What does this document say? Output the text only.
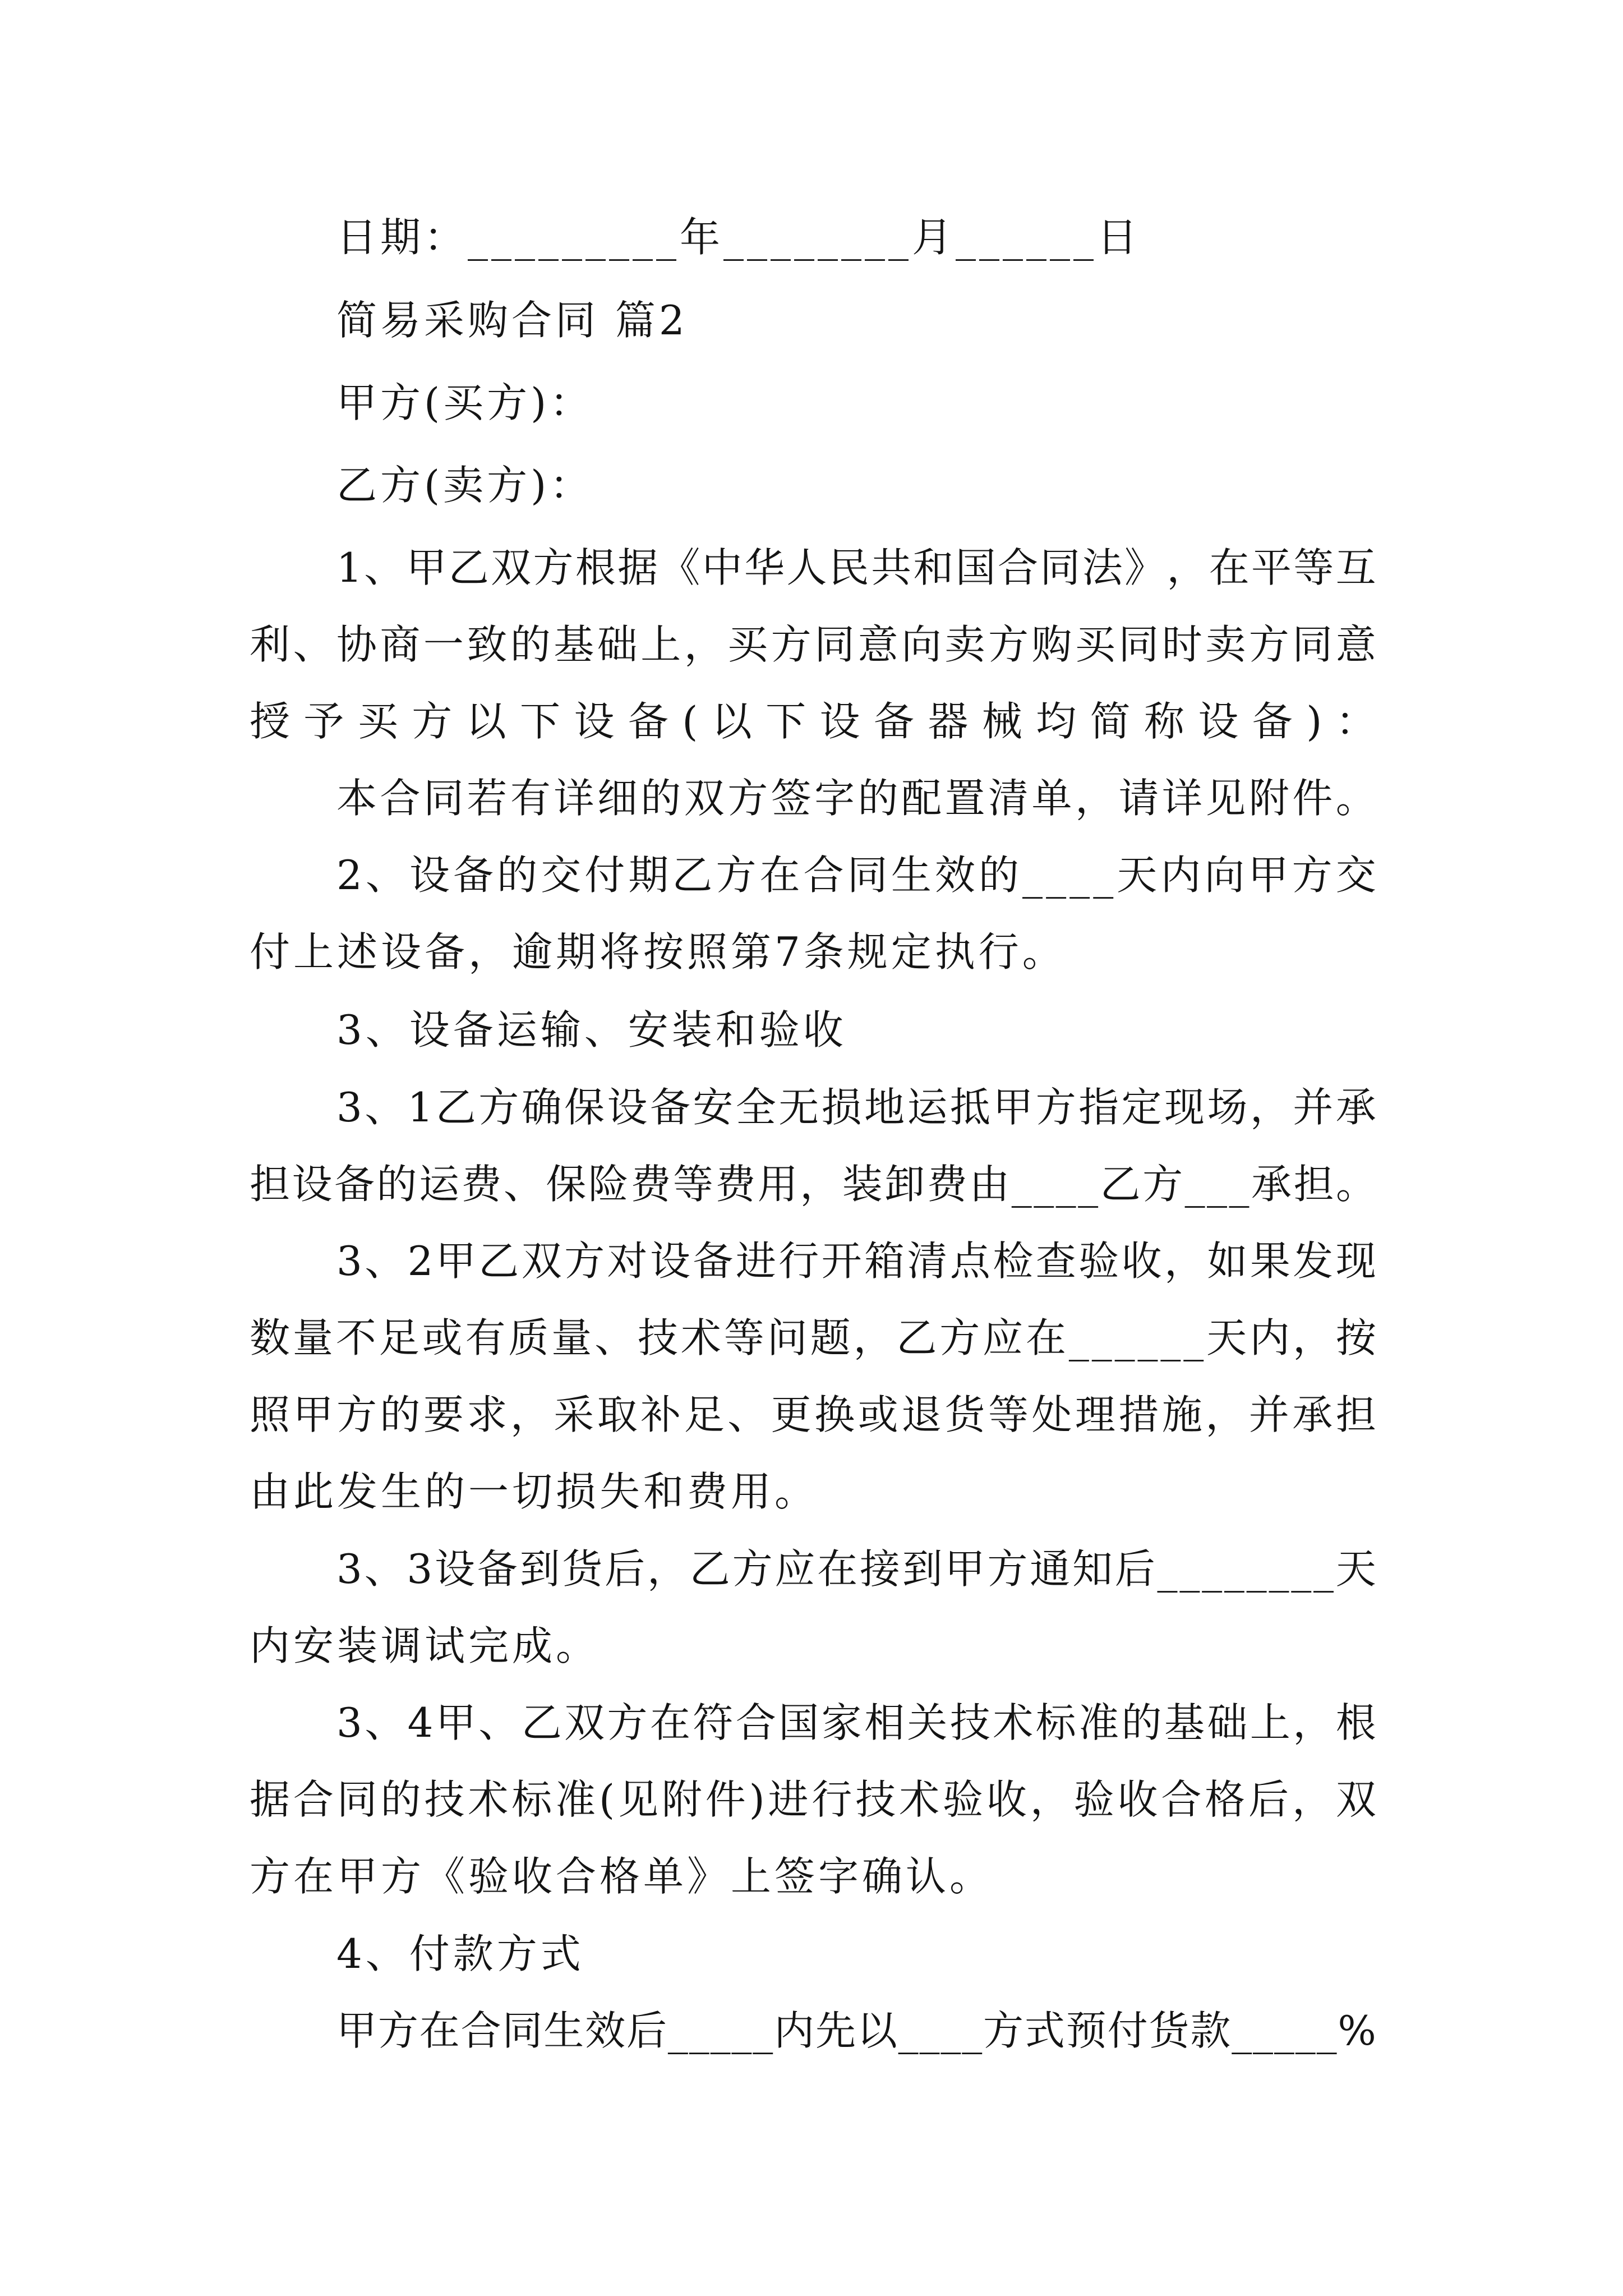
日期：_________年________月______日

简易采购合同 篇2

甲方(买方)：

乙方(卖方)：

1 、 甲 乙 双 方 根 据 《 中 华 人 民 共 和 国 合 同 法 》 ， 在 平 等 互

利 、 协 商 一 致 的 基 础 上 ， 买 方 同 意 向 卖 方 购 买 同 时 卖 方 同 意

授 予 买 方 以 下 设 备 ( 以 下 设 备 器 械 均 简 称 设 备 ) ：

本 合 同 若 有 详 细 的 双 方 签 字 的 配 置 清 单 ， 请 详 见 附 件 。

2 、 设 备 的 交 付 期 乙 方 在 合 同 生 效 的 _ _ _ _ 天 内 向 甲 方 交

付上述设备，逾期将按照第7条规定执行。

3、设备运输、安装和验收

3 、 1 乙 方 确 保 设 备 安 全 无 损 地 运 抵 甲 方 指 定 现 场 ， 并 承

担 设 备 的 运 费 、 保 险 费 等 费 用 ， 装 卸 费 由 _ _ _ _ 乙 方 _ _ _ 承 担 。

3 、 2 甲 乙 双 方 对 设 备 进 行 开 箱 清 点 检 查 验 收 ， 如 果 发 现

数 量 不 足 或 有 质 量 、 技 术 等 问 题 ， 乙 方 应 在 _ _ _ _ _ _ 天 内 ， 按

照 甲 方 的 要 求 ， 采 取 补 足 、 更 换 或 退 货 等 处 理 措 施 ， 并 承 担

由此发生的一切损失和费用。

3 、 3 设 备 到 货 后 ， 乙 方 应 在 接 到 甲 方 通 知 后 _ _ _ _ _ _ _ _ 天

内安装调试完成。

3 、 4 甲 、 乙 双 方 在 符 合 国 家 相 关 技 术 标 准 的 基 础 上 ， 根

据 合 同 的 技 术 标 准 ( 见 附 件 ) 进 行 技 术 验 收 ， 验 收 合 格 后 ， 双

方在甲方《验收合格单》上签字确认。

4、付款方式

甲 方 在 合 同 生 效 后 _ _ _ _ _ 内 先 以 _ _ _ _ 方 式 预 付 货 款 _ _ _ _ _ %
